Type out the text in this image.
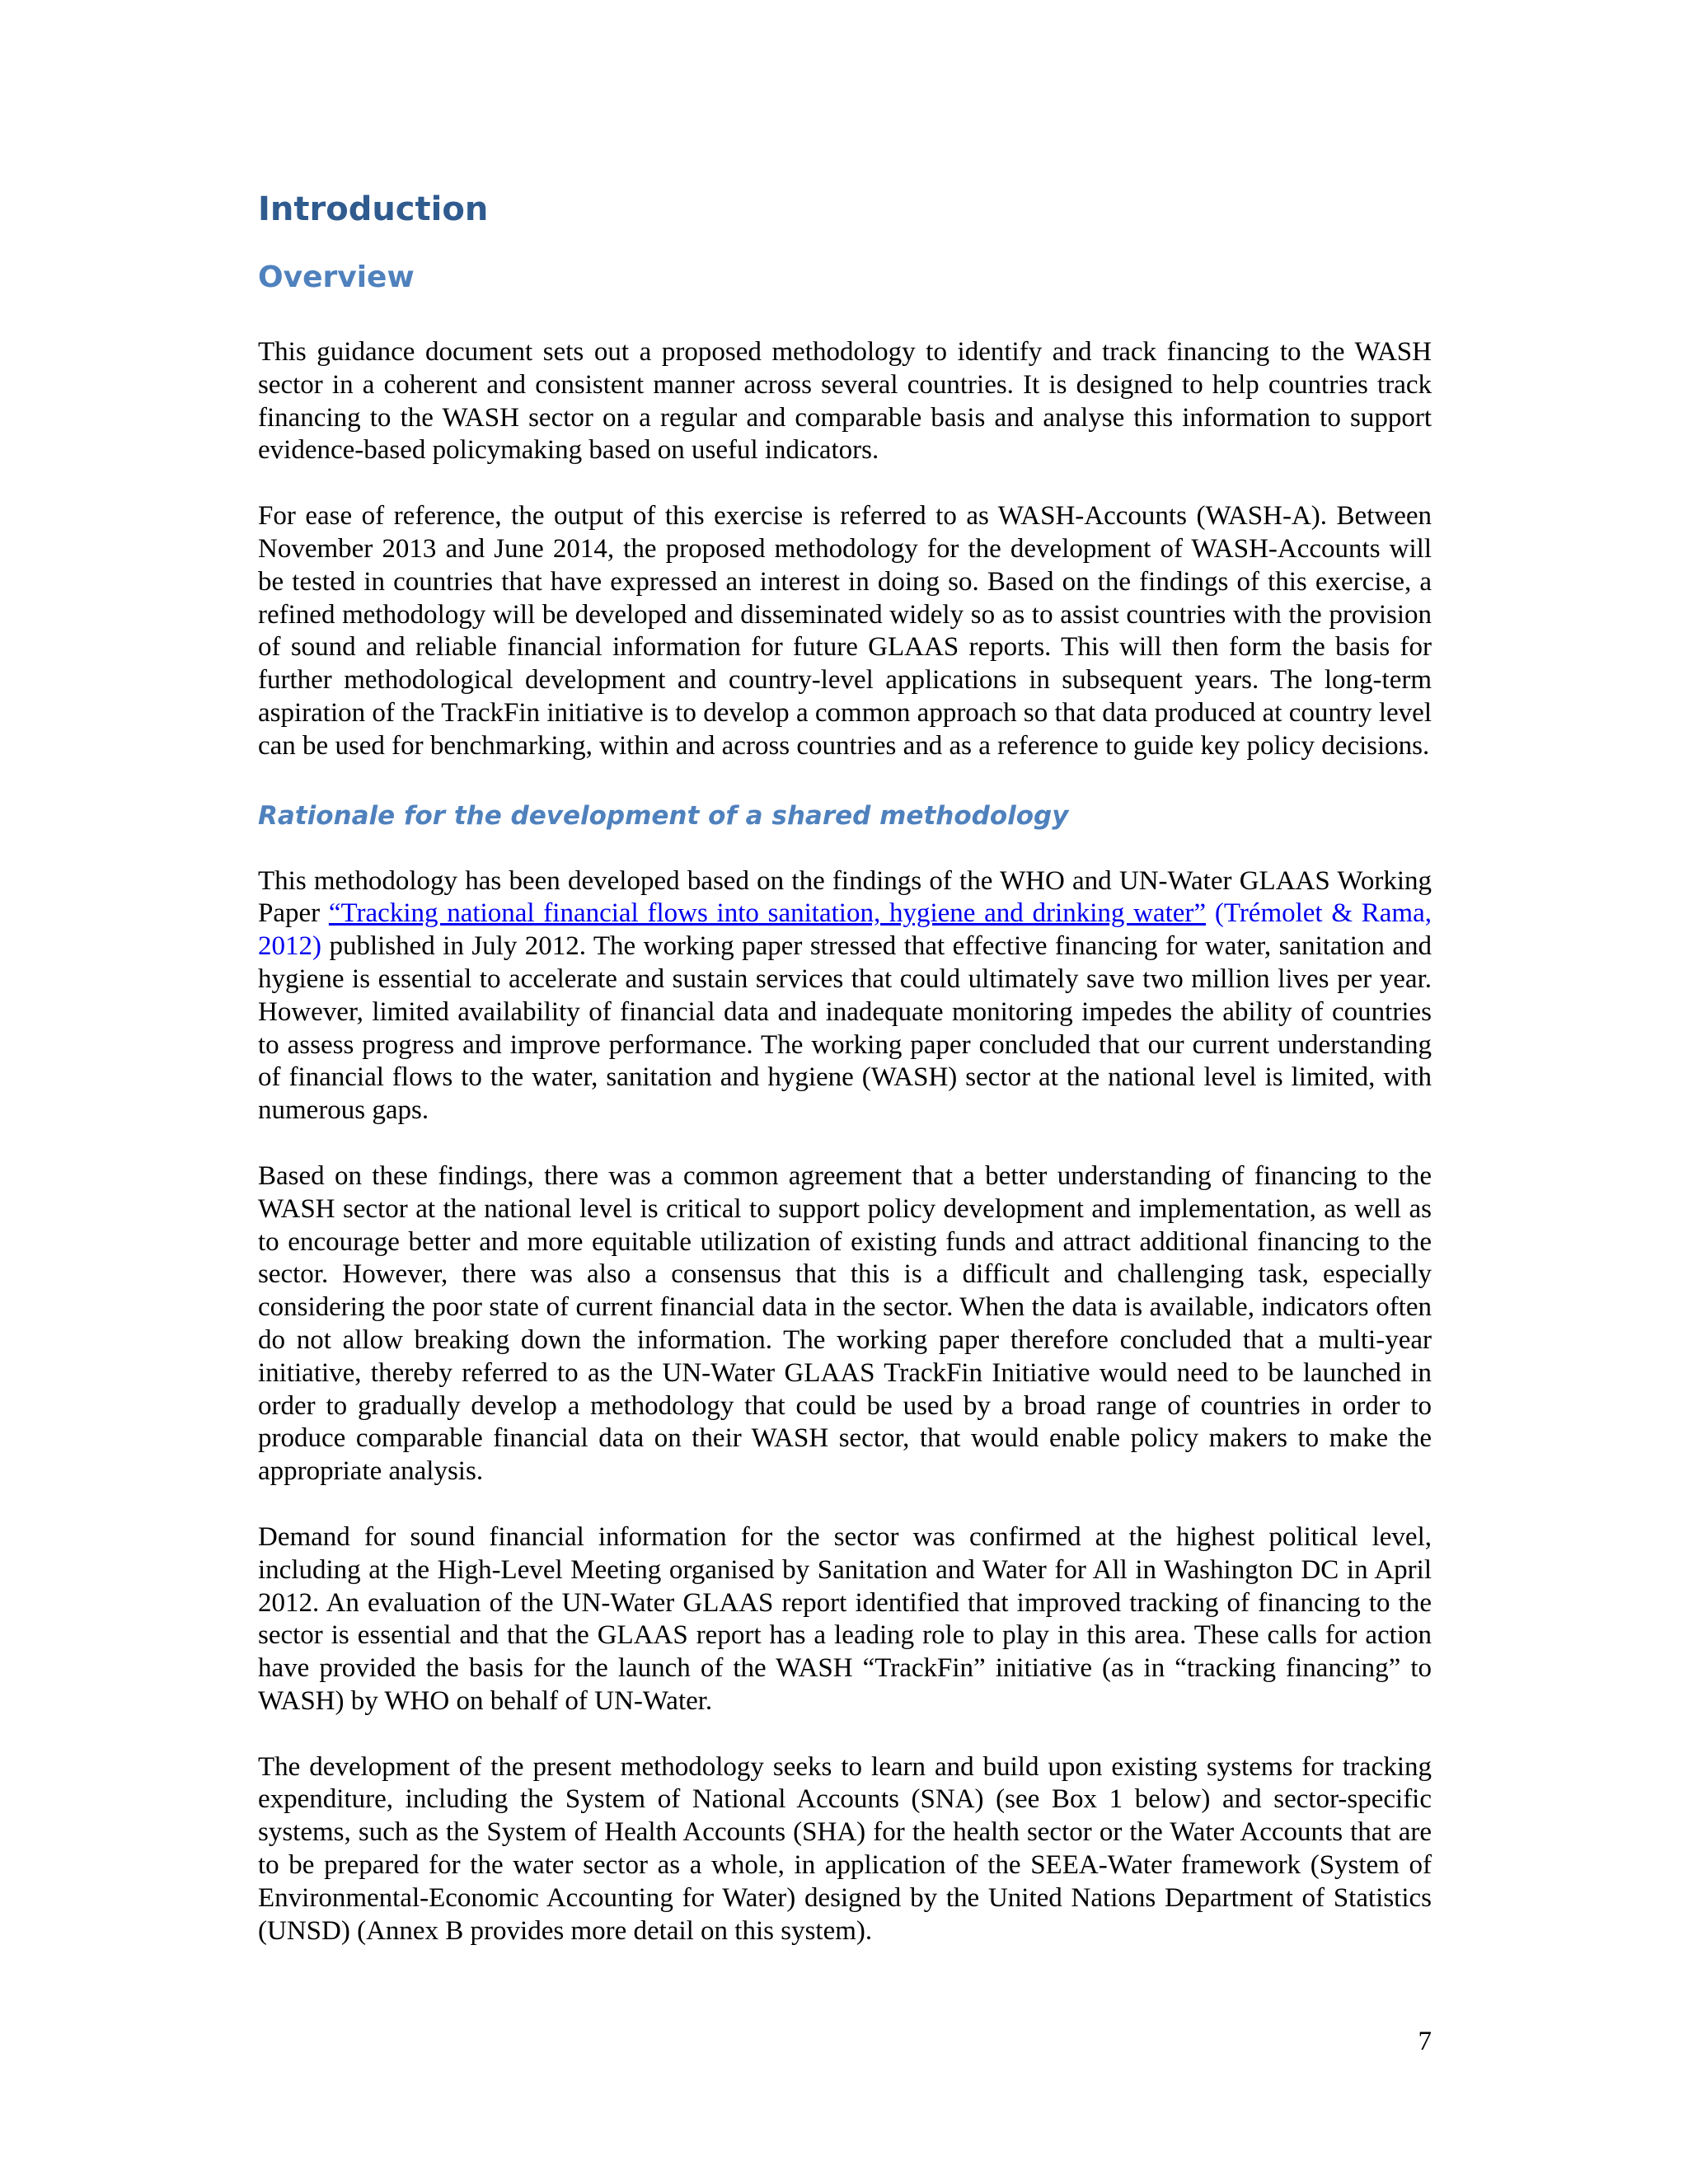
Introduction
Overview

This guidance document sets out a proposed methodology to identify and track financing to the WASH sector in a coherent and consistent manner across several countries. It is designed to help countries track financing to the WASH sector on a regular and comparable basis and analyse this information to support evidence-based policymaking based on useful indicators.

For ease of reference, the output of this exercise is referred to as WASH-Accounts (WASH-A). Between November 2013 and June 2014, the proposed methodology for the development of WASH-Accounts will be tested in countries that have expressed an interest in doing so. Based on the findings of this exercise, a refined methodology will be developed and disseminated widely so as to assist countries with the provision of sound and reliable financial information for future GLAAS reports. This will then form the basis for further methodological development and country-level applications in subsequent years. The long-term aspiration of the TrackFin initiative is to develop a common approach so that data produced at country level can be used for benchmarking, within and across countries and as a reference to guide key policy decisions.

Rationale for the development of a shared methodology

This methodology has been developed based on the findings of the WHO and UN-Water GLAAS Working Paper “Tracking national financial flows into sanitation, hygiene and drinking water” (Trémolet & Rama, 2012) published in July 2012. The working paper stressed that effective financing for water, sanitation and hygiene is essential to accelerate and sustain services that could ultimately save two million lives per year. However, limited availability of financial data and inadequate monitoring impedes the ability of countries to assess progress and improve performance. The working paper concluded that our current understanding of financial flows to the water, sanitation and hygiene (WASH) sector at the national level is limited, with numerous gaps.

Based on these findings, there was a common agreement that a better understanding of financing to the WASH sector at the national level is critical to support policy development and implementation, as well as to encourage better and more equitable utilization of existing funds and attract additional financing to the sector. However, there was also a consensus that this is a difficult and challenging task, especially considering the poor state of current financial data in the sector. When the data is available, indicators often do not allow breaking down the information. The working paper therefore concluded that a multi-year initiative, thereby referred to as the UN-Water GLAAS TrackFin Initiative would need to be launched in order to gradually develop a methodology that could be used by a broad range of countries in order to produce comparable financial data on their WASH sector, that would enable policy makers to make the appropriate analysis.

Demand for sound financial information for the sector was confirmed at the highest political level, including at the High-Level Meeting organised by Sanitation and Water for All in Washington DC in April 2012. An evaluation of the UN-Water GLAAS report identified that improved tracking of financing to the sector is essential and that the GLAAS report has a leading role to play in this area. These calls for action have provided the basis for the launch of the WASH “TrackFin” initiative (as in “tracking financing” to WASH) by WHO on behalf of UN-Water.

The development of the present methodology seeks to learn and build upon existing systems for tracking expenditure, including the System of National Accounts (SNA) (see Box 1 below) and sector-specific systems, such as the System of Health Accounts (SHA) for the health sector or the Water Accounts that are to be prepared for the water sector as a whole, in application of the SEEA-Water framework (System of Environmental-Economic Accounting for Water) designed by the United Nations Department of Statistics (UNSD) (Annex B provides more detail on this system).

7
